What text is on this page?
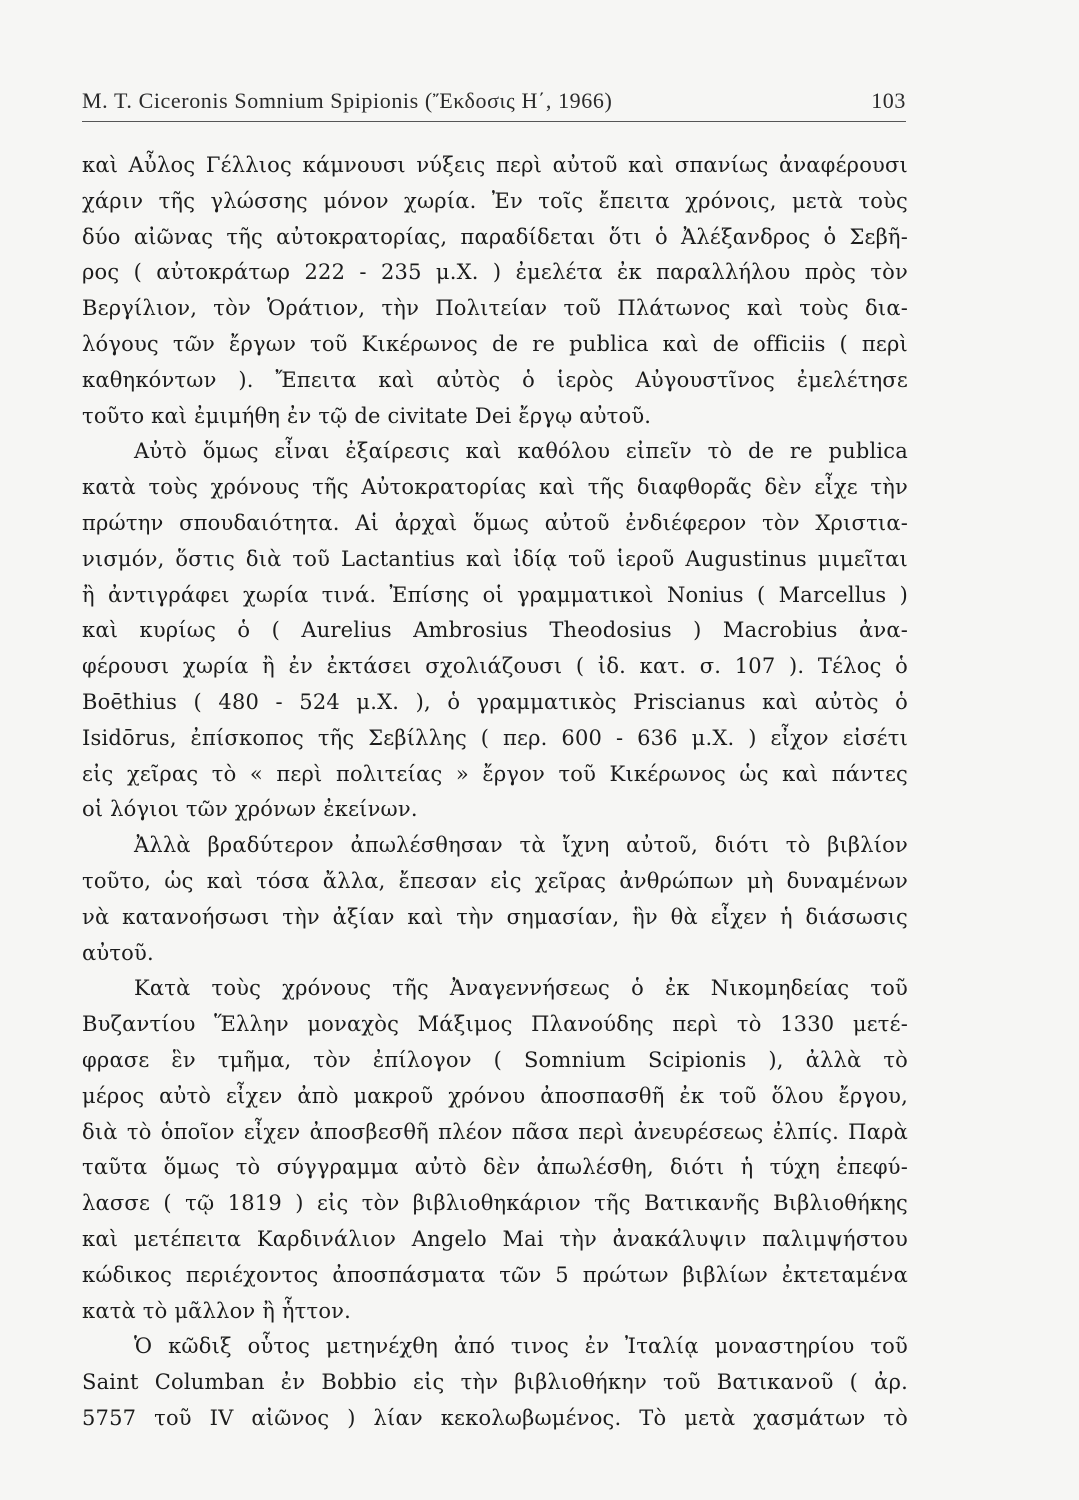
M. T. Ciceronis Somnium Spipionis (Ἔκδοσις Η΄, 1966)	103
καὶ Αὖλος Γέλλιος κάμνουσι νύξεις περὶ αὐτοῦ καὶ σπανίως ἀναφέρουσι
χάριν τῆς γλώσσης μόνον χωρία. Ἐν τοῖς ἔπειτα χρόνοις, μετὰ τοὺς
δύο αἰῶνας τῆς αὐτοκρατορίας, παραδίδεται ὅτι ὁ Ἀλέξανδρος ὁ Σεβῆ-
ρος ( αὐτοκράτωρ 222 - 235 μ.Χ. ) ἐμελέτα ἐκ παραλλήλου πρὸς τὸν
Βεργίλιον, τὸν Ὁράτιον, τὴν Πολιτείαν τοῦ Πλάτωνος καὶ τοὺς δια-
λόγους τῶν ἔργων τοῦ Κικέρωνος de re publica καὶ de officiis ( περὶ
καθηκόντων ). Ἔπειτα καὶ αὐτὸς ὁ ἱερὸς Αὐγουστῖνος ἐμελέτησε
τοῦτο καὶ ἐμιμήθη ἐν τῷ de civitate Dei ἔργῳ αὐτοῦ.
Αὐτὸ ὅμως εἶναι ἐξαίρεσις καὶ καθόλου εἰπεῖν τὸ de re publica
κατὰ τοὺς χρόνους τῆς Αὐτοκρατορίας καὶ τῆς διαφθορᾶς δὲν εἶχε τὴν
πρώτην σπουδαιότητα. Αἱ ἀρχαὶ ὅμως αὐτοῦ ἐνδιέφερον τὸν Χριστια-
νισμόν, ὅστις διὰ τοῦ Lactantius καὶ ἰδίᾳ τοῦ ἱεροῦ Augustinus μιμεῖται
ἢ ἀντιγράφει χωρία τινά. Ἐπίσης οἱ γραμματικοὶ Nonius ( Marcellus )
καὶ κυρίως ὁ ( Aurelius Ambrosius Theodosius ) Macrobius ἀνα-
φέρουσι χωρία ἢ ἐν ἐκτάσει σχολιάζουσι ( ἰδ. κατ. σ. 107 ). Τέλος ὁ
Boēthius ( 480 - 524 μ.Χ. ), ὁ γραμματικὸς Priscianus καὶ αὐτὸς ὁ
Isidōrus, ἐπίσκοπος τῆς Σεβίλλης ( περ. 600 - 636 μ.Χ. ) εἶχον εἰσέτι
εἰς χεῖρας τὸ « περὶ πολιτείας » ἔργον τοῦ Κικέρωνος ὡς καὶ πάντες
οἱ λόγιοι τῶν χρόνων ἐκείνων.
Ἀλλὰ βραδύτερον ἀπωλέσθησαν τὰ ἴχνη αὐτοῦ, διότι τὸ βιβλίον
τοῦτο, ὡς καὶ τόσα ἄλλα, ἔπεσαν εἰς χεῖρας ἀνθρώπων μὴ δυναμένων
νὰ κατανοήσωσι τὴν ἀξίαν καὶ τὴν σημασίαν, ἣν θὰ εἶχεν ἡ διάσωσις
αὐτοῦ.
Κατὰ τοὺς χρόνους τῆς Ἀναγεννήσεως ὁ ἐκ Νικομηδείας τοῦ
Βυζαντίου Ἕλλην μοναχὸς Μάξιμος Πλανούδης περὶ τὸ 1330 μετέ-
φρασε ἓν τμῆμα, τὸν ἐπίλογον ( Somnium Scipionis ), ἀλλὰ τὸ
μέρος αὐτὸ εἶχεν ἀπὸ μακροῦ χρόνου ἀποσπασθῆ ἐκ τοῦ ὅλου ἔργου,
διὰ τὸ ὁποῖον εἶχεν ἀποσβεσθῆ πλέον πᾶσα περὶ ἀνευρέσεως ἐλπίς. Παρὰ
ταῦτα ὅμως τὸ σύγγραμμα αὐτὸ δὲν ἀπωλέσθη, διότι ἡ τύχη ἐπεφύ-
λασσε ( τῷ 1819 ) εἰς τὸν βιβλιοθηκάριον τῆς Βατικανῆς Βιβλιοθήκης
καὶ μετέπειτα Καρδινάλιον Angelo Mai τὴν ἀνακάλυψιν παλιμψήστου
κώδικος περιέχοντος ἀποσπάσματα τῶν 5 πρώτων βιβλίων ἐκτεταμένα
κατὰ τὸ μᾶλλον ἢ ἧττον.
Ὁ κῶδιξ οὗτος μετηνέχθη ἀπό τινος ἐν Ἰταλίᾳ μοναστηρίου τοῦ
Saint Columban ἐν Bobbio εἰς τὴν βιβλιοθήκην τοῦ Βατικανοῦ ( ἀρ.
5757 τοῦ IV αἰῶνος ) λίαν κεκολωβωμένος. Τὸ μετὰ χασμάτων τὸ
